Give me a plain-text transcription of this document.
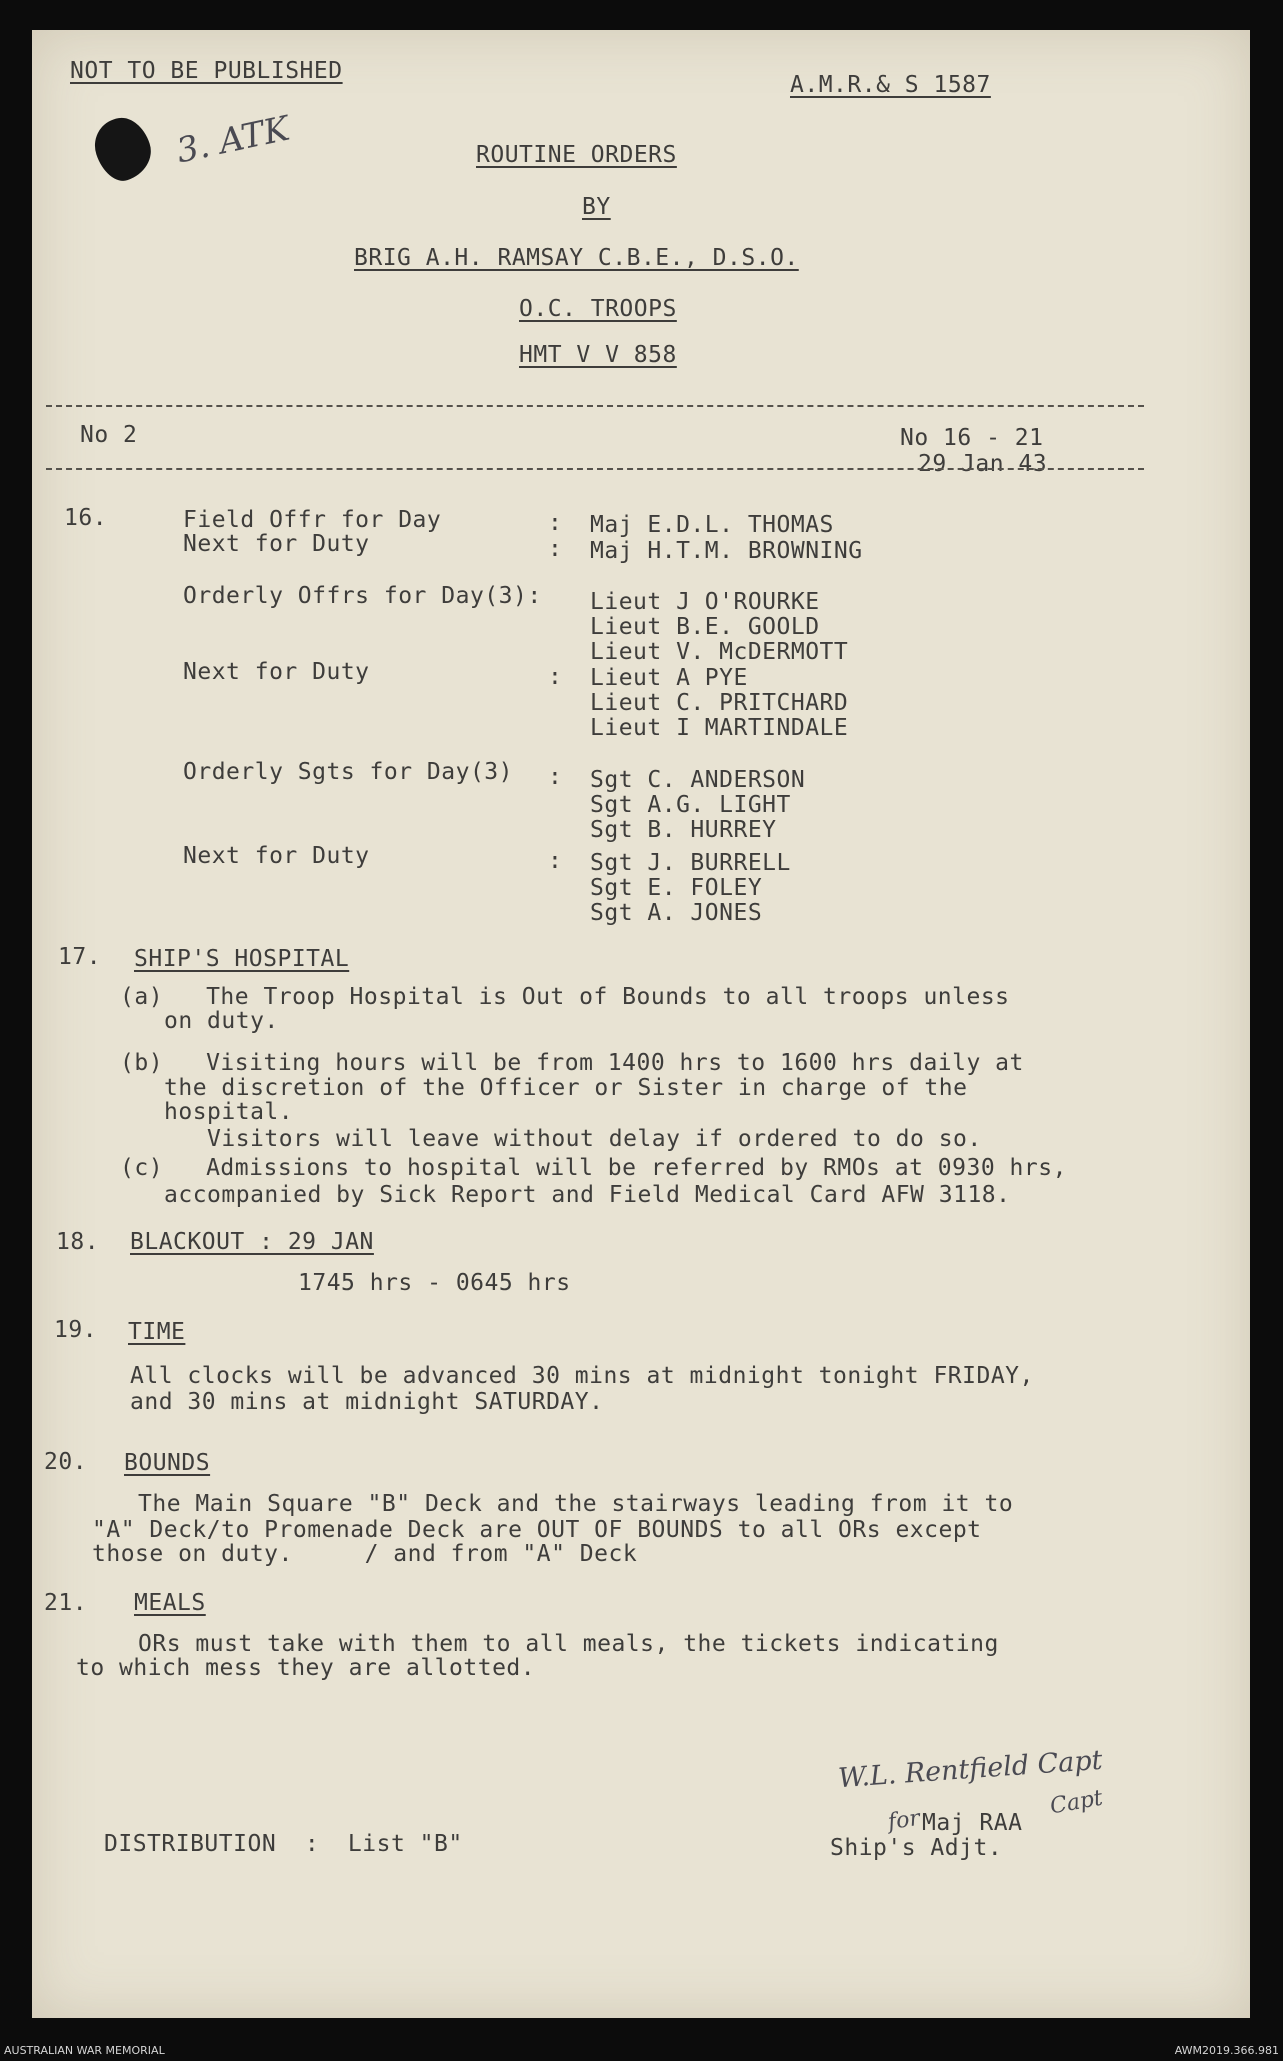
NOT TO BE PUBLISHED
A.M.R.& S 1587
3. ATK	ROUTINE ORDERS
BY
BRIG A.H. RAMSAY C.B.E., D.S.O.
O.C. TROOPS
HMT V V 858
No 2	No 16 - 21
29 Jan 43
16.	Field Offr for Day	: Maj E.D.L. THOMAS
Next for Duty	: Maj H.T.M. BROWNING
Orderly Offrs for Day(3): Lieut J O'ROURKE
Lieut B.E. GOOLD
Lieut V. McDERMOTT
Next for Duty	: Lieut A PYE
Lieut C. PRITCHARD
Lieut I MARTINDALE
Orderly Sgts for Day(3) : Sgt C. ANDERSON
Sgt A.G. LIGHT
Sgt B. HURREY
Next for Duty	: Sgt J. BURRELL
Sgt E. FOLEY
Sgt A. JONES
17. SHIP'S HOSPITAL
(a)   The Troop Hospital is Out of Bounds to all troops unless
on duty.
(b)   Visiting hours will be from 1400 hrs to 1600 hrs daily at
the discretion of the Officer or Sister in charge of the
hospital.
Visitors will leave without delay if ordered to do so.
(c)   Admissions to hospital will be referred by RMOs at 0930 hrs,
accompanied by Sick Report and Field Medical Card AFW 3118.
18. BLACKOUT : 29 JAN
1745 hrs - 0645 hrs
19. TIME
All clocks will be advanced 30 mins at midnight tonight FRIDAY,
and 30 mins at midnight SATURDAY.
20. BOUNDS
The Main Square "B" Deck and the stairways leading from it to
"A" Deck/to Promenade Deck are OUT OF BOUNDS to all ORs except
those on duty.     / and from "A" Deck
21. MEALS
ORs must take with them to all meals, the tickets indicating
to which mess they are allotted.
W.L. Rentfield Capt
for
Capt
Maj RAA
Ship's Adjt.
DISTRIBUTION  :  List "B"
AUSTRALIAN WAR MEMORIAL	AWM2019.366.981
